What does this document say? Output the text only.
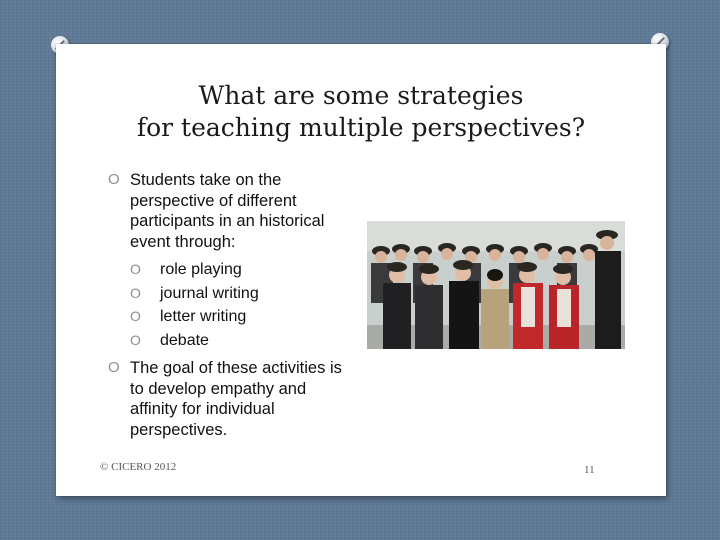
What are some strategies
for teaching multiple perspectives?
O Students take on the perspective of different participants in an historical event through:
O role playing
O journal writing
O letter writing
O debate
O The goal of these activities is to develop empathy and affinity for individual perspectives.
© CICERO 2012	11
